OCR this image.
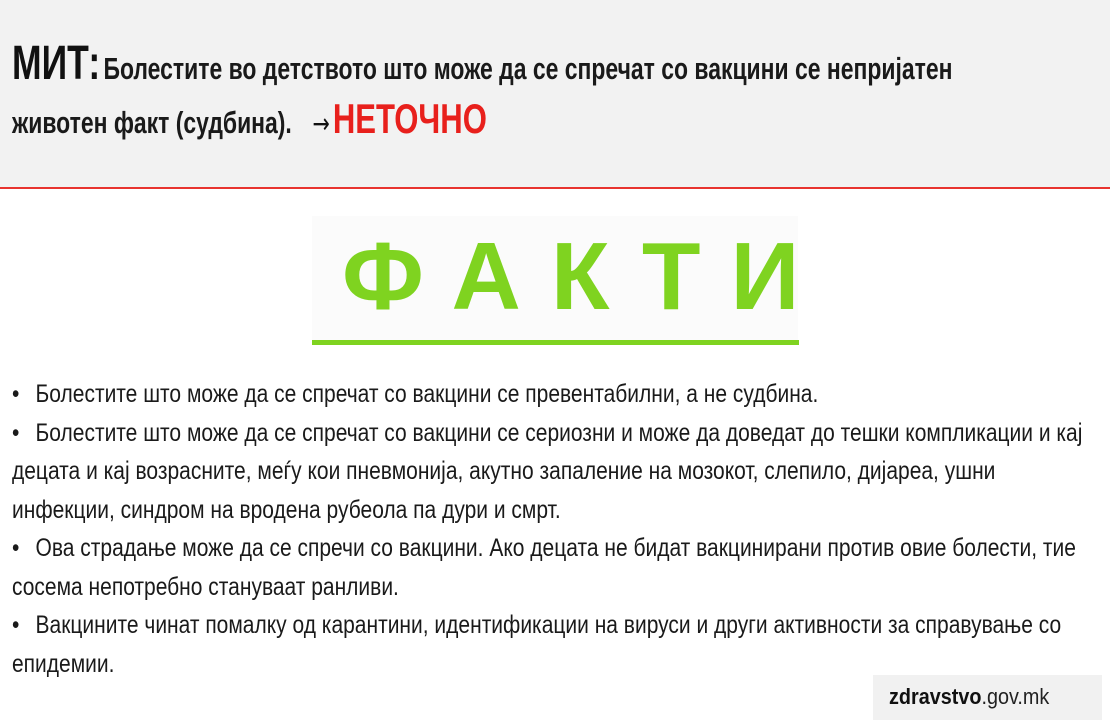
МИТ: Болестите во детството што може да се спречат со вакцини се непријатен
животен факт (судбина). →НЕТОЧНО
ФАКТИ
• Болестите што може да се спречат со вакцини се превентабилни, а не судбина.
• Болестите што може да се спречат со вакцини се сериозни и може да доведат до тешки компликации и кај децата и кај возрасните, меѓу кои пневмонија, акутно запаление на мозокот, слепило, дијареа, ушни инфекции, синдром на вродена рубеола па дури и смрт.
• Ова страдање може да се спречи со вакцини. Ако децата не бидат вакцинирани против овие болести, тие сосема непотребно стануваат ранливи.
• Вакцините чинат помалку од карантини, идентификации на вируси и други активности за справување со епидемии.
zdravstvo.gov.mk
